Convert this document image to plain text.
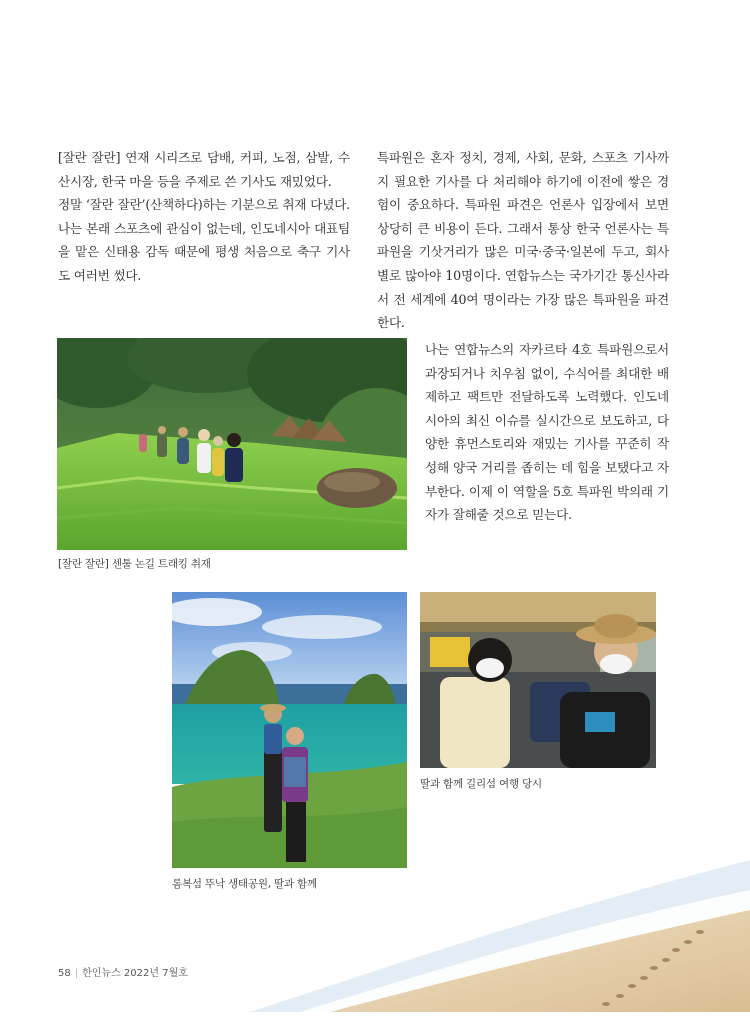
[잘란 잘란] 연재 시리즈로 담배, 커피, 노점, 삼발, 수산시장, 한국 마을 등을 주제로 쓴 기사도 재밌었다.

정말 ‘잘란 잘란’(산책하다)하는 기분으로 취재 다녔다. 나는 본래 스포츠에 관심이 없는데, 인도네시아 대표팀을 맡은 신태용 감독 때문에 평생 처음으로 축구 기사도 여러번 썼다.

특파원은 혼자 정치, 경제, 사회, 문화, 스포츠 기사까지 필요한 기사를 다 처리해야 하기에 이전에 쌓은 경험이 중요하다. 특파원 파견은 언론사 입장에서 보면 상당히 큰 비용이 든다. 그래서 통상 한국 언론사는 특파원을 기삿거리가 많은 미국·중국·일본에 두고, 회사별로 많아야 10명이다. 연합뉴스는 국가기간 통신사라서 전 세계에 40여 명이라는 가장 많은 특파원을 파견한다.

나는 연합뉴스의 자카르타 4호 특파원으로서 과장되거나 치우침 없이, 수식어를 최대한 배제하고 팩트만 전달하도록 노력했다. 인도네시아의 최신 이슈를 실시간으로 보도하고, 다양한 휴먼스토리와 재밌는 기사를 꾸준히 작성해 양국 거리를 좁히는 데 힘을 보탰다고 자부한다. 이제 이 역할을 5호 특파원 박의래 기자가 잘해줄 것으로 믿는다.

[잘란 잘란] 센툴 논길 트래킹 취재
롬복섬 뚜낙 생태공원, 딸과 함께
딸과 함께 길리섬 여행 당시
58 | 한인뉴스 2022년 7월호
